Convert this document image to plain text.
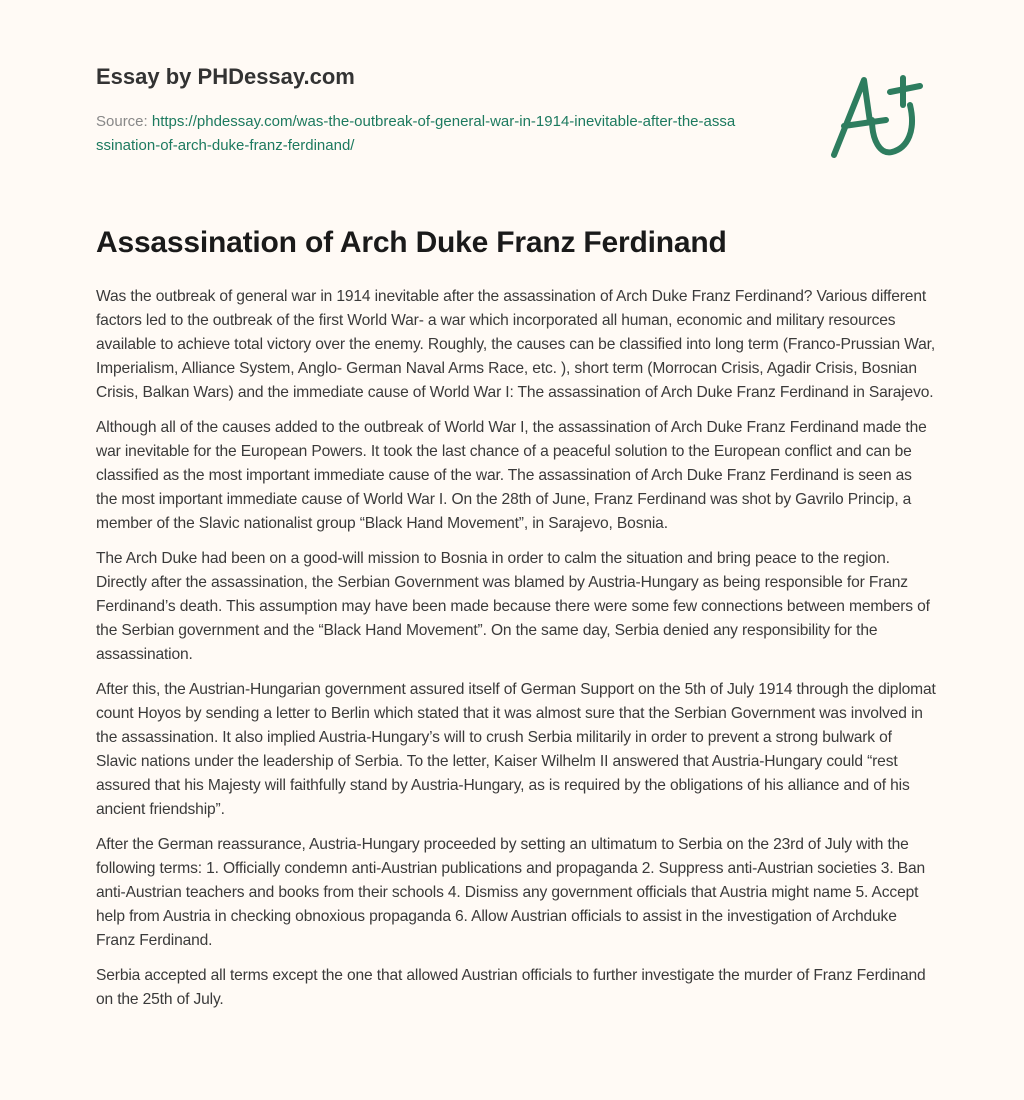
Essay by PHDessay.com
Source: https://phdessay.com/was-the-outbreak-of-general-war-in-1914-inevitable-after-the-assassination-of-arch-duke-franz-ferdinand/
Assassination of Arch Duke Franz Ferdinand

Was the outbreak of general war in 1914 inevitable after the assassination of Arch Duke Franz Ferdinand? Various different factors led to the outbreak of the first World War- a war which incorporated all human, economic and military resources available to achieve total victory over the enemy. Roughly, the causes can be classified into long term (Franco-Prussian War, Imperialism, Alliance System, Anglo- German Naval Arms Race, etc. ), short term (Morrocan Crisis, Agadir Crisis, Bosnian Crisis, Balkan Wars) and the immediate cause of World War I: The assassination of Arch Duke Franz Ferdinand in Sarajevo.

Although all of the causes added to the outbreak of World War I, the assassination of Arch Duke Franz Ferdinand made the war inevitable for the European Powers. It took the last chance of a peaceful solution to the European conflict and can be classified as the most important immediate cause of the war. The assassination of Arch Duke Franz Ferdinand is seen as the most important immediate cause of World War I. On the 28th of June, Franz Ferdinand was shot by Gavrilo Princip, a member of the Slavic nationalist group “Black Hand Movement”, in Sarajevo, Bosnia.

The Arch Duke had been on a good-will mission to Bosnia in order to calm the situation and bring peace to the region. Directly after the assassination, the Serbian Government was blamed by Austria-Hungary as being responsible for Franz Ferdinand’s death. This assumption may have been made because there were some few connections between members of the Serbian government and the “Black Hand Movement”. On the same day, Serbia denied any responsibility for the assassination.

After this, the Austrian-Hungarian government assured itself of German Support on the 5th of July 1914 through the diplomat count Hoyos by sending a letter to Berlin which stated that it was almost sure that the Serbian Government was involved in the assassination. It also implied Austria-Hungary’s will to crush Serbia militarily in order to prevent a strong bulwark of Slavic nations under the leadership of Serbia. To the letter, Kaiser Wilhelm II answered that Austria-Hungary could “rest assured that his Majesty will faithfully stand by Austria-Hungary, as is required by the obligations of his alliance and of his ancient friendship”.

After the German reassurance, Austria-Hungary proceeded by setting an ultimatum to Serbia on the 23rd of July with the following terms: 1. Officially condemn anti-Austrian publications and propaganda 2. Suppress anti-Austrian societies 3. Ban anti-Austrian teachers and books from their schools 4. Dismiss any government officials that Austria might name 5. Accept help from Austria in checking obnoxious propaganda 6. Allow Austrian officials to assist in the investigation of Archduke Franz Ferdinand.

Serbia accepted all terms except the one that allowed Austrian officials to further investigate the murder of Franz Ferdinand on the 25th of July.
